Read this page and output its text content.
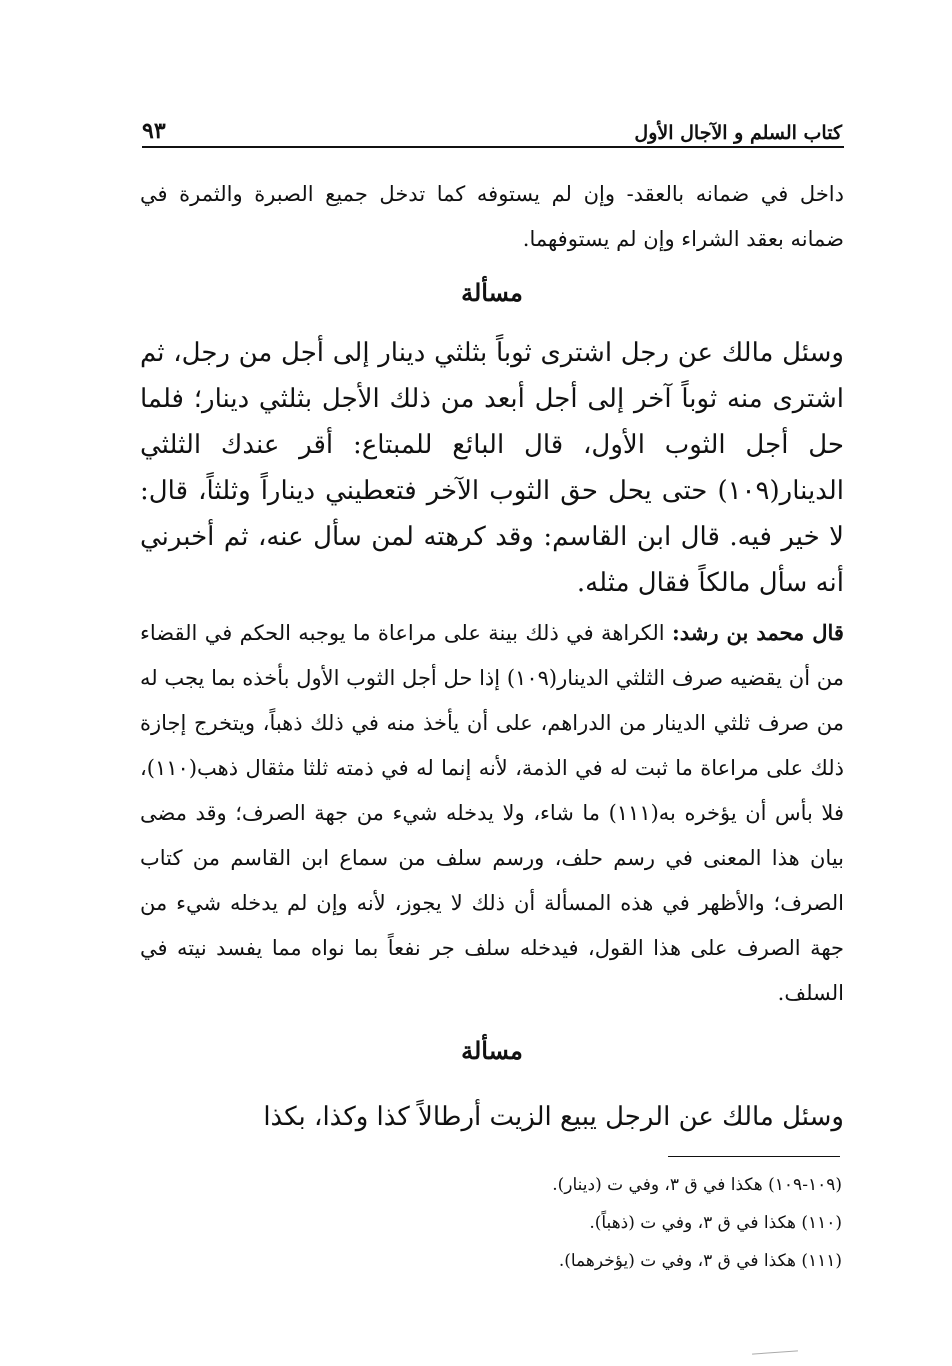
كتاب السلم و الآجال الأول
٩٣
داخل في ضمانه بالعقد- وإن لم يستوفه كما تدخل جميع الصبرة والثمرة في ضمانه بعقد الشراء وإن لم يستوفهما.
مسألة
وسئل مالك عن رجل اشترى ثوباً بثلثي دينار إلى أجل من رجل، ثم اشترى منه ثوباً آخر إلى أجل أبعد من ذلك الأجل بثلثي دينار؛ فلما حل أجل الثوب الأول، قال البائع للمبتاع: أقر عندك الثلثي الدينار(١٠٩) حتى يحل حق الثوب الآخر فتعطيني ديناراً وثلثاً، قال: لا خير فيه. قال ابن القاسم: وقد كرهته لمن سأل عنه، ثم أخبرني أنه سأل مالكاً فقال مثله.
قال محمد بن رشد: الكراهة في ذلك بينة على مراعاة ما يوجبه الحكم في القضاء من أن يقضيه صرف الثلثي الدينار(١٠٩) إذا حل أجل الثوب الأول بأخذه بما يجب له من صرف ثلثي الدينار من الدراهم، على أن يأخذ منه في ذلك ذهباً، ويتخرج إجازة ذلك على مراعاة ما ثبت له في الذمة، لأنه إنما له في ذمته ثلثا مثقال ذهب(١١٠)، فلا بأس أن يؤخره به(١١١) ما شاء، ولا يدخله شيء من جهة الصرف؛ وقد مضى بيان هذا المعنى في رسم حلف، ورسم سلف من سماع ابن القاسم من كتاب الصرف؛ والأظهر في هذه المسألة أن ذلك لا يجوز، لأنه وإن لم يدخله شيء من جهة الصرف على هذا القول، فيدخله سلف جر نفعاً بما نواه مما يفسد نيته في السلف.
مسألة
وسئل مالك عن الرجل يبيع الزيت أرطالاً كذا وكذا، بكذا
(١٠٩-١٠٩) هكذا في ق ٣، وفي ت (دينار).
(١١٠) هكذا في ق ٣، وفي ت (ذهباً).
(١١١) هكذا في ق ٣، وفي ت (يؤخرهما).
